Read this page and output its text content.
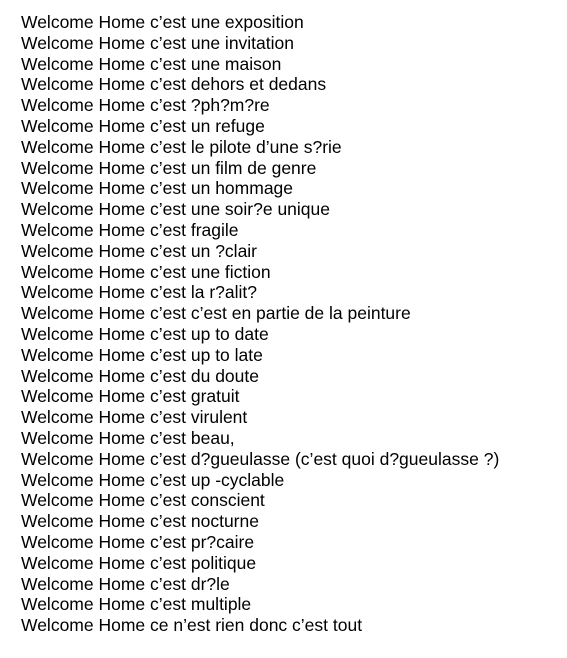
Welcome Home c’est une exposition
Welcome Home c’est une invitation
Welcome Home c’est une maison
Welcome Home c’est dehors et dedans
Welcome Home c’est ?ph?m?re
Welcome Home c’est un refuge
Welcome Home c’est le pilote d’une s?rie
Welcome Home c’est un film de genre
Welcome Home c’est un hommage
Welcome Home c’est une soir?e unique
Welcome Home c’est fragile
Welcome Home c’est un ?clair
Welcome Home c’est une fiction
Welcome Home c’est la r?alit?
Welcome Home c’est c’est en partie de la peinture
Welcome Home c’est up to date
Welcome Home c’est up to late
Welcome Home c’est du doute
Welcome Home c’est gratuit
Welcome Home c’est virulent
Welcome Home c’est beau,
Welcome Home c’est d?gueulasse (c’est quoi d?gueulasse ?)
Welcome Home c’est up -cyclable
Welcome Home c’est conscient
Welcome Home c’est nocturne
Welcome Home c’est pr?caire
Welcome Home c’est politique
Welcome Home c’est dr?le
Welcome Home c’est multiple
Welcome Home ce n’est rien donc c’est tout
